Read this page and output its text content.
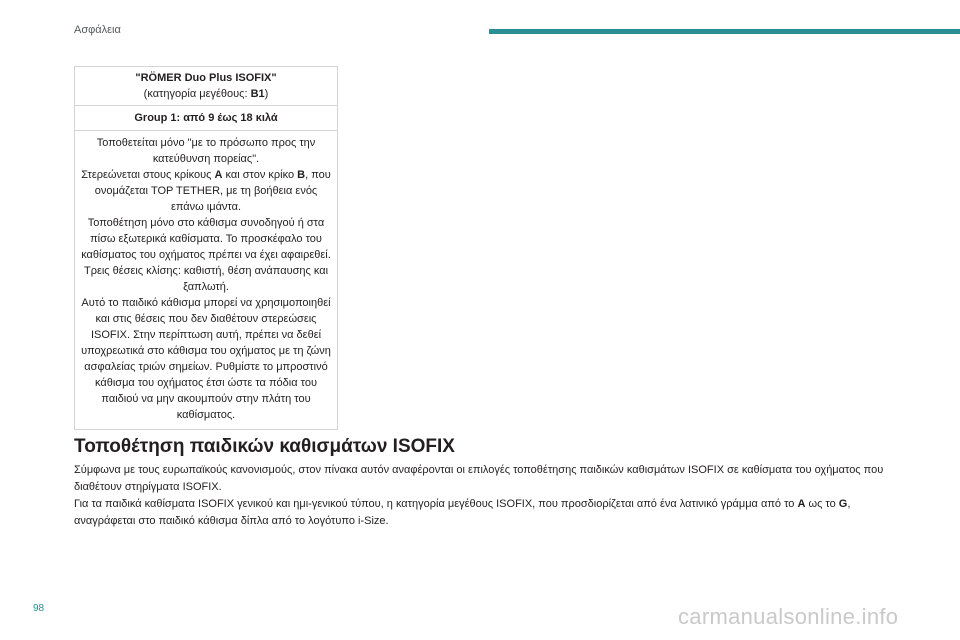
Ασφάλεια
"RÖMER Duo Plus ISOFIX"
(κατηγορία μεγέθους: B1)
Group 1: από 9 έως 18 κιλά
Τοποθετείται μόνο "με το πρόσωπο προς την κατεύθυνση πορείας".
Στερεώνεται στους κρίκους A και στον κρίκο B, που ονομάζεται TOP TETHER, με τη βοήθεια ενός επάνω ιμάντα.
Τοποθέτηση μόνο στο κάθισμα συνοδηγού ή στα πίσω εξωτερικά καθίσματα. Το προσκέφαλο του καθίσματος του οχήματος πρέπει να έχει αφαιρεθεί.
Τρεις θέσεις κλίσης: καθιστή, θέση ανάπαυσης και ξαπλωτή.
Αυτό το παιδικό κάθισμα μπορεί να χρησιμοποιηθεί και στις θέσεις που δεν διαθέτουν στερεώσεις ISOFIX. Στην περίπτωση αυτή, πρέπει να δεθεί υποχρεωτικά στο κάθισμα του οχήματος με τη ζώνη ασφαλείας τριών σημείων. Ρυθμίστε το μπροστινό κάθισμα του οχήματος έτσι ώστε τα πόδια του παιδιού να μην ακουμπούν στην πλάτη του καθίσματος.
Τοποθέτηση παιδικών καθισμάτων ISOFIX

Σύμφωνα με τους ευρωπαϊκούς κανονισμούς, στον πίνακα αυτόν αναφέρονται οι επιλογές τοποθέτησης παιδικών καθισμάτων ISOFIX σε καθίσματα του οχήματος που διαθέτουν στηρίγματα ISOFIX.

Για τα παιδικά καθίσματα ISOFIX γενικού και ημι-γενικού τύπου, η κατηγορία μεγέθους ISOFIX, που προσδιορίζεται από ένα λατινικό γράμμα από το A ως το G, αναγράφεται στο παιδικό κάθισμα δίπλα από το λογότυπο i-Size.

98	carmanualsonline.info
